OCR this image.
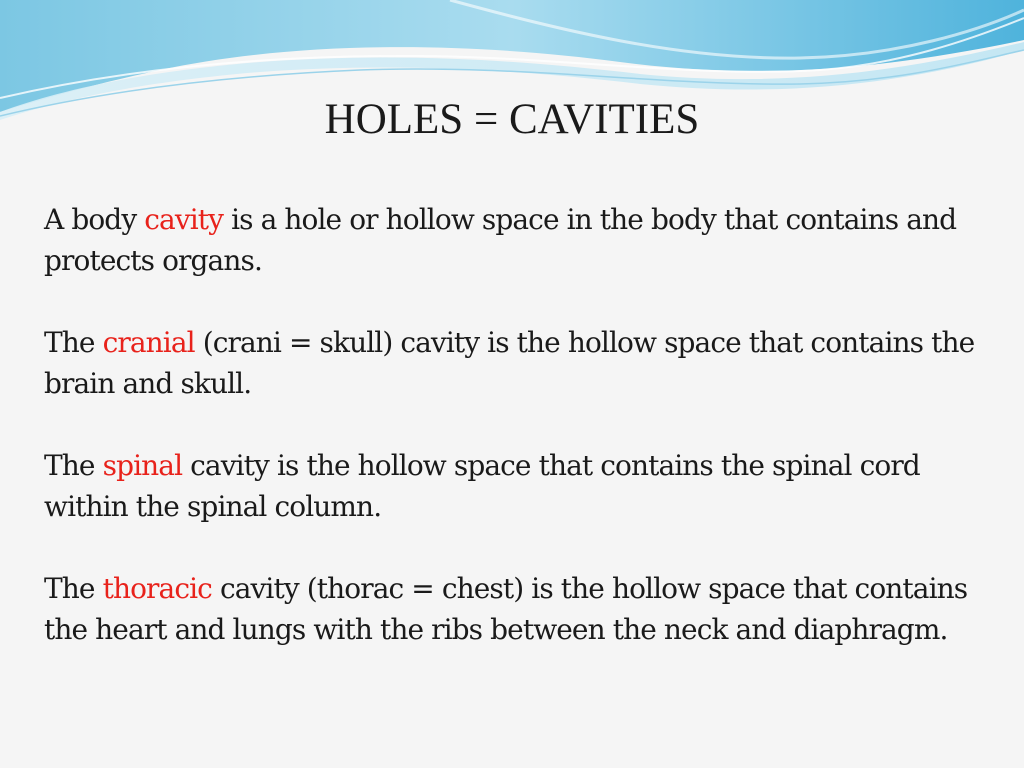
HOLES = CAVITIES

A body cavity is a hole or hollow space in the body that contains and protects organs.

The cranial (crani = skull) cavity is the hollow space that contains the brain and skull.

The spinal cavity is the hollow space that contains the spinal cord within the spinal column.

The thoracic cavity (thorac = chest) is the hollow space that contains the heart and lungs with the ribs between the neck and diaphragm.
